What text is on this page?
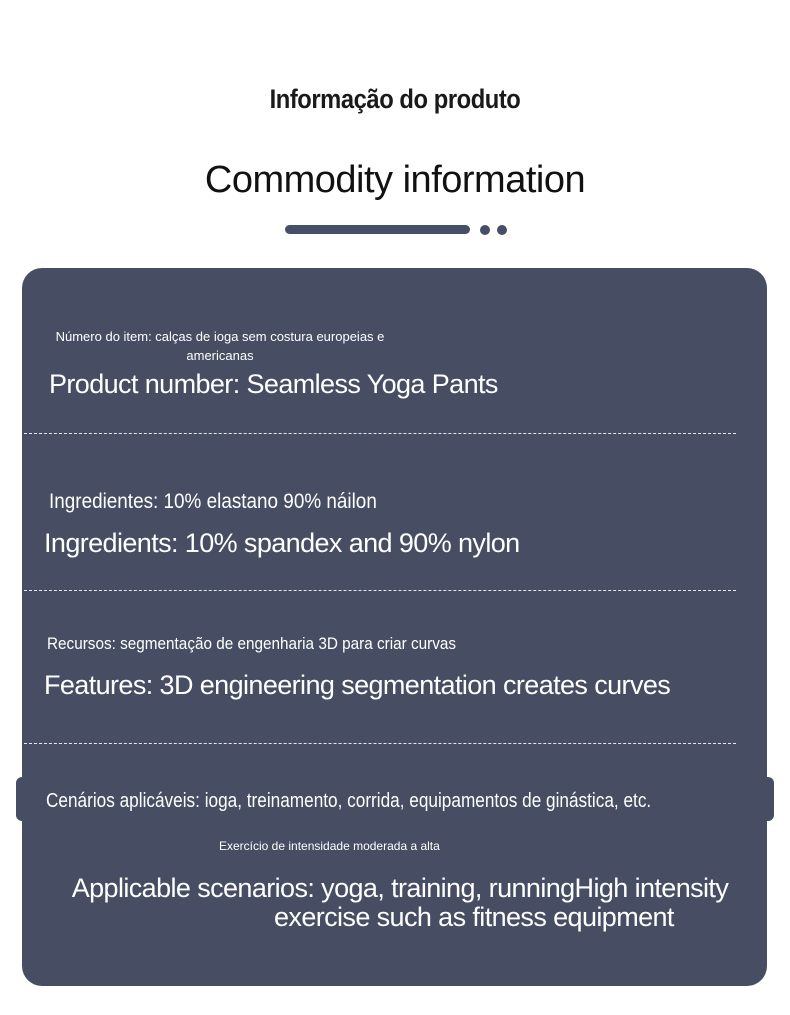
Informação do produto
Commodity information
Número do item: calças de ioga sem costura europeias e
americanas
Product number: Seamless Yoga Pants
Ingredientes: 10% elastano 90% náilon
Ingredients: 10% spandex and 90% nylon
Recursos: segmentação de engenharia 3D para criar curvas
Features: 3D engineering segmentation creates curves
Cenários aplicáveis: ioga, treinamento, corrida, equipamentos de ginástica, etc.
Exercício de intensidade moderada a alta
Applicable scenarios: yoga, training, runningHigh intensity
exercise such as fitness equipment
